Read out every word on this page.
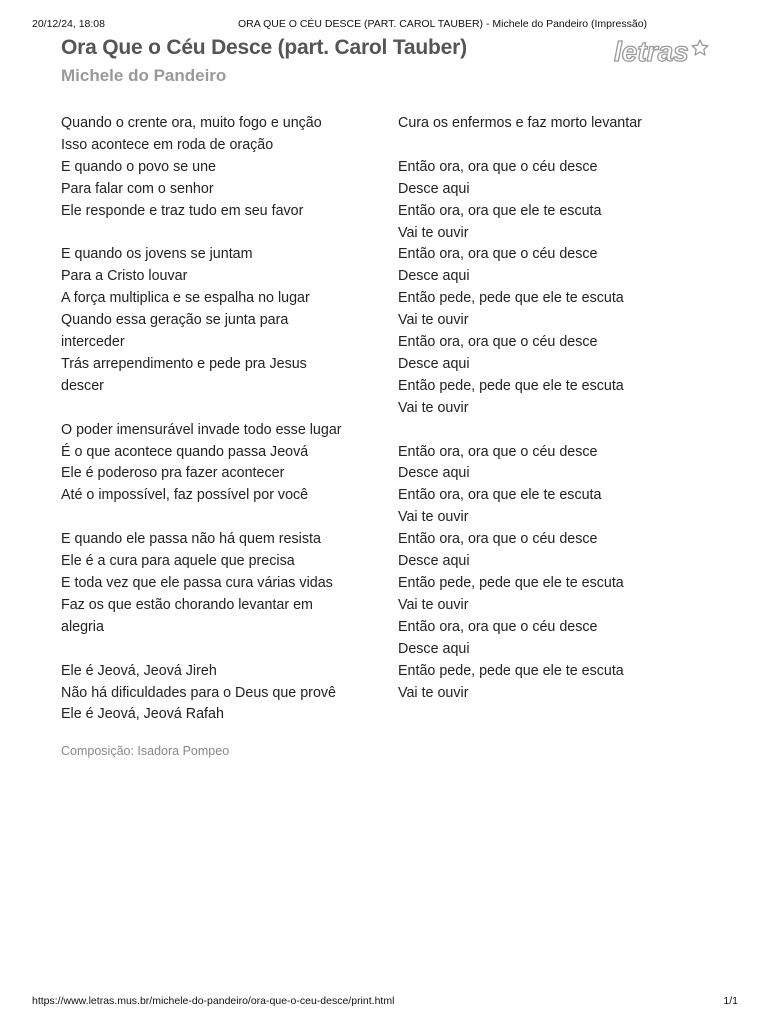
20/12/24, 18:08	ORA QUE O CÉU DESCE (PART. CAROL TAUBER) - Michele do Pandeiro (Impressão)
Ora Que o Céu Desce (part. Carol Tauber)
Michele do Pandeiro
letras
Quando o crente ora, muito fogo e unção
Isso acontece em roda de oração
E quando o povo se une
Para falar com o senhor
Ele responde e traz tudo em seu favor
E quando os jovens se juntam
Para a Cristo louvar
A força multiplica e se espalha no lugar
Quando essa geração se junta para
interceder
Trás arrependimento e pede pra Jesus
descer
O poder imensurável invade todo esse lugar
É o que acontece quando passa Jeová
Ele é poderoso pra fazer acontecer
Até o impossível, faz possível por você
E quando ele passa não há quem resista
Ele é a cura para aquele que precisa
E toda vez que ele passa cura várias vidas
Faz os que estão chorando levantar em
alegria
Ele é Jeová, Jeová Jireh
Não há dificuldades para o Deus que provê
Ele é Jeová, Jeová Rafah
Composição: Isadora Pompeo
Cura os enfermos e faz morto levantar
Então ora, ora que o céu desce
Desce aqui
Então ora, ora que ele te escuta
Vai te ouvir
Então ora, ora que o céu desce
Desce aqui
Então pede, pede que ele te escuta
Vai te ouvir
Então ora, ora que o céu desce
Desce aqui
Então pede, pede que ele te escuta
Vai te ouvir
Então ora, ora que o céu desce
Desce aqui
Então ora, ora que ele te escuta
Vai te ouvir
Então ora, ora que o céu desce
Desce aqui
Então pede, pede que ele te escuta
Vai te ouvir
Então ora, ora que o céu desce
Desce aqui
Então pede, pede que ele te escuta
Vai te ouvir
https://www.letras.mus.br/michele-do-pandeiro/ora-que-o-ceu-desce/print.html	1/1
